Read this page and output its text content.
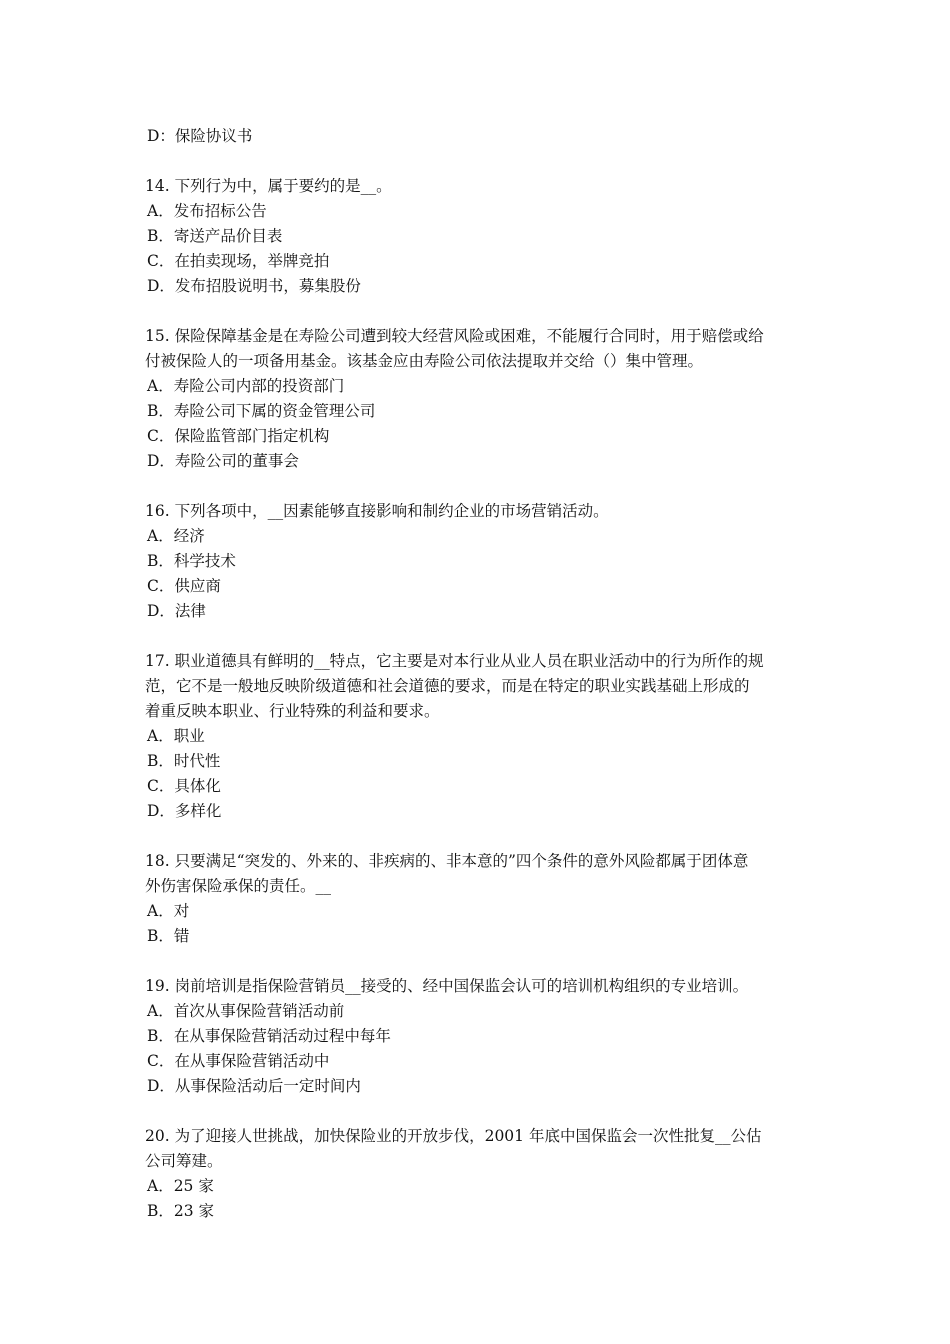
D：保险协议书
14. 下列行为中，属于要约的是__。
A．发布招标公告
B．寄送产品价目表
C．在拍卖现场，举牌竞拍
D．发布招股说明书，募集股份
15. 保险保障基金是在寿险公司遭到较大经营风险或困难，不能履行合同时，用于赔偿或给
付被保险人的一项备用基金。该基金应由寿险公司依法提取并交给（）集中管理。
A．寿险公司内部的投资部门
B．寿险公司下属的资金管理公司
C．保险监管部门指定机构
D．寿险公司的董事会
16. 下列各项中，__因素能够直接影响和制约企业的市场营销活动。
A．经济
B．科学技术
C．供应商
D．法律
17. 职业道德具有鲜明的__特点，它主要是对本行业从业人员在职业活动中的行为所作的规
范，它不是一般地反映阶级道德和社会道德的要求，而是在特定的职业实践基础上形成的
着重反映本职业、行业特殊的利益和要求。
A．职业
B．时代性
C．具体化
D．多样化
18. 只要满足“突发的、外来的、非疾病的、非本意的”四个条件的意外风险都属于团体意
外伤害保险承保的责任。__
A．对
B．错
19. 岗前培训是指保险营销员__接受的、经中国保监会认可的培训机构组织的专业培训。
A．首次从事保险营销活动前
B．在从事保险营销活动过程中每年
C．在从事保险营销活动中
D．从事保险活动后一定时间内
20. 为了迎接人世挑战，加快保险业的开放步伐，2001 年底中国保监会一次性批复__公估
公司筹建。
A．25 家
B．23 家
